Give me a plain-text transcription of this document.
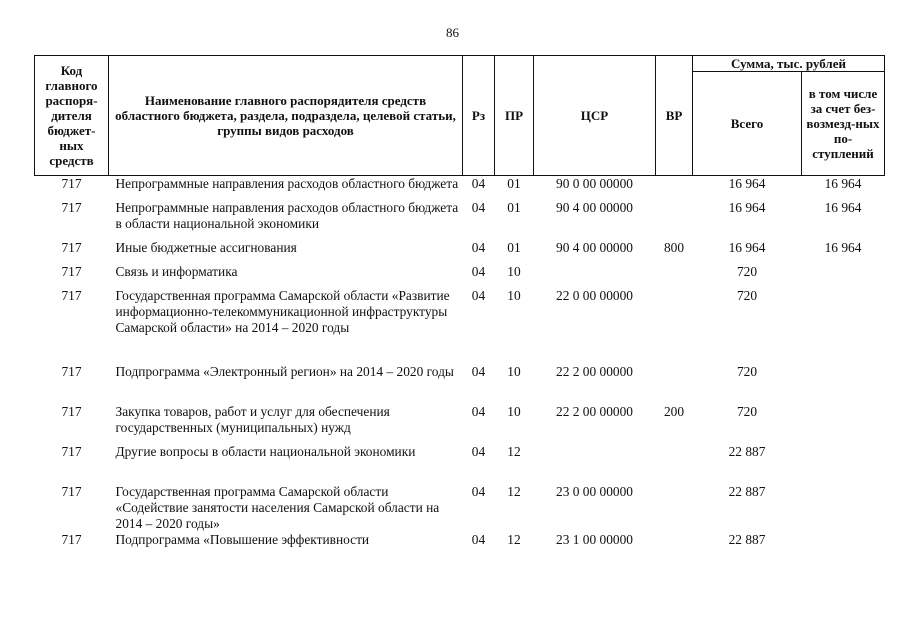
86
Код главного распоря-дителя бюджет-ных средств	Наименование главного распорядителя средств областного бюджета, раздела, подраздела, целевой статьи, группы видов расходов	Рз	ПР	ЦСР	ВР	Сумма, тыс. рублей	
						Всего	в том числе за счет без-возмезд-ных по-ступлений
717	Непрограммные направления расходов областного бюджета	04	01	90 0 00 00000		16 964	16 964
717	Непрограммные направления расходов областного бюджета в области национальной экономики	04	01	90 4 00 00000		16 964	16 964
717	Иные бюджетные ассигнования	04	01	90 4 00 00000	800	16 964	16 964
717	Связь и информатика	04	10			720	
717	Государственная программа Самарской области «Развитие информационно-телекоммуникационной инфраструктуры Самарской области» на 2014 – 2020 годы	04	10	22 0 00 00000		720	
717	Подпрограмма «Электронный регион» на 2014 – 2020 годы	04	10	22 2 00 00000		720	
717	Закупка товаров, работ и услуг для обеспечения государственных (муниципальных) нужд	04	10	22 2 00 00000	200	720	
717	Другие вопросы в области национальной экономики	04	12			22 887	
717	Государственная программа Самарской области «Содействие занятости населения Самарской области на 2014 – 2020 годы»	04	12	23 0 00 00000		22 887	
717	Подпрограмма «Повышение эффективности	04	12	23 1 00 00000		22 887	
